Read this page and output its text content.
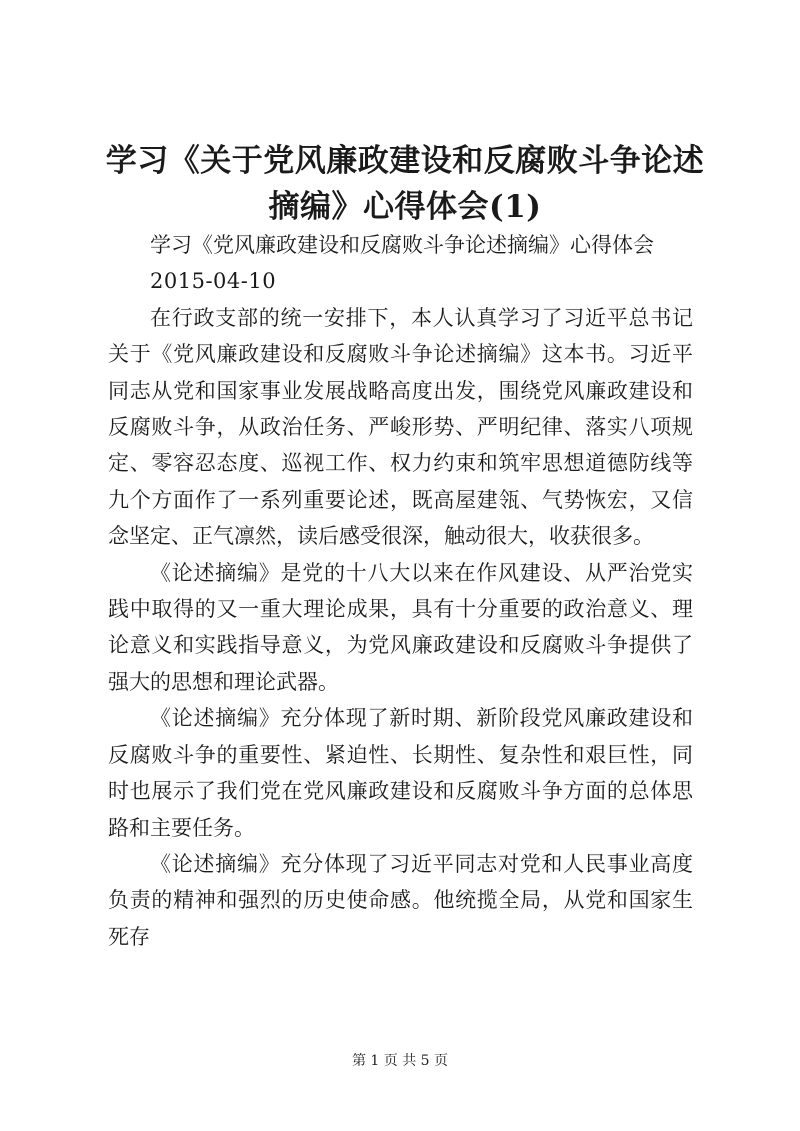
学习《关于党风廉政建设和反腐败斗争论述摘编》心得体会(1)

学习《党风廉政建设和反腐败斗争论述摘编》心得体会

2015-04-10

在行政支部的统一安排下，本人认真学习了习近平总书记关于《党风廉政建设和反腐败斗争论述摘编》这本书。习近平同志从党和国家事业发展战略高度出发，围绕党风廉政建设和反腐败斗争，从政治任务、严峻形势、严明纪律、落实八项规定、零容忍态度、巡视工作、权力约束和筑牢思想道德防线等九个方面作了一系列重要论述，既高屋建瓴、气势恢宏，又信念坚定、正气凛然，读后感受很深，触动很大，收获很多。

《论述摘编》是党的十八大以来在作风建设、从严治党实践中取得的又一重大理论成果，具有十分重要的政治意义、理论意义和实践指导意义，为党风廉政建设和反腐败斗争提供了强大的思想和理论武器。

《论述摘编》充分体现了新时期、新阶段党风廉政建设和反腐败斗争的重要性、紧迫性、长期性、复杂性和艰巨性，同时也展示了我们党在党风廉政建设和反腐败斗争方面的总体思路和主要任务。

《论述摘编》充分体现了习近平同志对党和人民事业高度负责的精神和强烈的历史使命感。他统揽全局，从党和国家生死存

第 1 页 共 5 页
